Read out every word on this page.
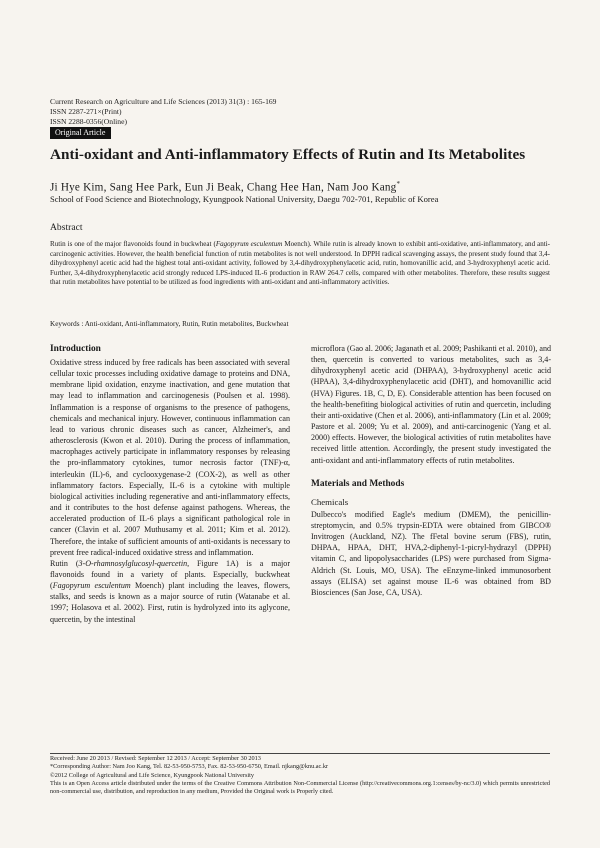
Current Research on Agriculture and Life Sciences (2013) 31(3) : 165-169
ISSN 2287-271×(Print)
ISSN 2288-0356(Online)
Original Article
Anti-oxidant and Anti-inflammatory Effects of Rutin and Its Metabolites
Ji Hye Kim, Sang Hee Park, Eun Ji Beak, Chang Hee Han, Nam Joo Kang*
School of Food Science and Biotechnology, Kyungpook National University, Daegu 702-701, Republic of Korea
Abstract
Rutin is one of the major flavonoids found in buckwheat (Fagopyrum esculentum Moench). While rutin is already known to exhibit anti-oxidative, anti-inflammatory, and anti-carcinogenic activities. However, the health beneficial function of rutin metabolites is not well understood. In DPPH radical scavenging assays, the present study found that 3,4-dihydroxyphenyl acetic acid had the highest total anti-oxidant activity, followed by 3,4-dihydroxyphenylacetic acid, rutin, homovanillic acid, and 3-hydroxyphenyl acetic acid. Further, 3,4-dihydroxyphenylacetic acid strongly reduced LPS-induced IL-6 production in RAW 264.7 cells, compared with other metabolites. Therefore, these results suggest that rutin metabolites have potential to be utilized as food ingredients with anti-oxidant and anti-inflammatory activities.
Keywords : Anti-oxidant, Anti-inflammatory, Rutin, Rutin metabolites, Buckwheat
Introduction

Oxidative stress induced by free radicals has been associated with several cellular toxic processes including oxidative damage to proteins and DNA, membrane lipid oxidation, enzyme inactivation, and gene mutation that may lead to inflammation and carcinogenesis (Poulsen et al. 1998). Inflammation is a response of organisms to the presence of pathogens, chemicals and mechanical injury. However, continuous inflammation can lead to various chronic diseases such as cancer, Alzheimer's, and atherosclerosis (Kwon et al. 2010). During the process of inflammation, macrophages actively participate in inflammatory responses by releasing the pro-inflammatory cytokines, tumor necrosis factor (TNF)-α, interleukin (IL)-6, and cyclooxygenase-2 (COX-2), as well as other inflammatory factors. Especially, IL-6 is a cytokine with multiple biological activities including regenerative and anti-inflammatory effects, and it contributes to the host defense against pathogens. Whereas, the accelerated production of IL-6 plays a significant pathological role in cancer (Clavin et al. 2007 Muthusamy et al. 2011; Kim et al. 2012). Therefore, the intake of sufficient amounts of anti-oxidants is necessary to prevent free radical-induced oxidative stress and inflammation.

Rutin (3-O-rhamnosylglucosyl-quercetin, Figure 1A) is a major flavonoids found in a variety of plants. Especially, buckwheat (Fagopyrum esculentum Moench) plant including the leaves, flowers, stalks, and seeds is known as a major source of rutin (Watanabe et al. 1997; Holasova et al. 2002). First, rutin is hydrolyzed into its aglycone, quercetin, by the intestinal

microflora (Gao al. 2006; Jaganath et al. 2009; Pashikanti et al. 2010), and then, quercetin is converted to various metabolites, such as 3,4-dihydroxyphenyl acetic acid (DHPAA), 3-hydroxyphenyl acetic acid (HPAA), 3,4-dihydroxyphenylacetic acid (DHT), and homovanillic acid (HVA) Figures. 1B, C, D, E). Considerable attention has been focused on the health-benefiting biological activities of rutin and quercetin, including their anti-oxidative (Chen et al. 2006), anti-inflammatory (Lin et al. 2009; Pastore et al. 2009; Yu et al. 2009), and anti-carcinogenic (Yang et al. 2000) effects. However, the biological activities of rutin metabolites have received little attention. Accordingly, the present study investigated the anti-oxidant and anti-inflammatory effects of rutin metabolites.

Materials and Methods
Chemicals

Dulbecco's modified Eagle's medium (DMEM), the penicillin-streptomycin, and 0.5% trypsin-EDTA were obtained from GIBCO® Invitrogen (Auckland, NZ). The fFetal bovine serum (FBS), rutin, DHPAA, HPAA, DHT, HVA,2-diphenyl-1-picryl-hydrazyl (DPPH) vitamin C, and lipopolysaccharides (LPS) were purchased from Sigma-Aldrich (St. Louis, MO, USA). The eEnzyme-linked immunosorbent assays (ELISA) set against mouse IL-6 was obtained from BD Biosciences (San Jose, CA, USA).

Received: June 20 2013 / Revised: September 12 2013 / Accept: September 30 2013
*Corresponding Author: Nam Joo Kang, Tel. 82-53-950-5753, Fax. 82-53-950-6750, Email. njkang@knu.ac.kr
©2012 College of Agricultural and Life Science, Kyungpook National University
This is an Open Access article distributed under the terms of the Creative Commons Attribution Non-Commercial License (http://creativecommons.org.1:censes/by-nc/3.0) which permits unrestricted non-commercial use, distribution, and reproduction in any medium, Provided the Original work is Properly cited.
